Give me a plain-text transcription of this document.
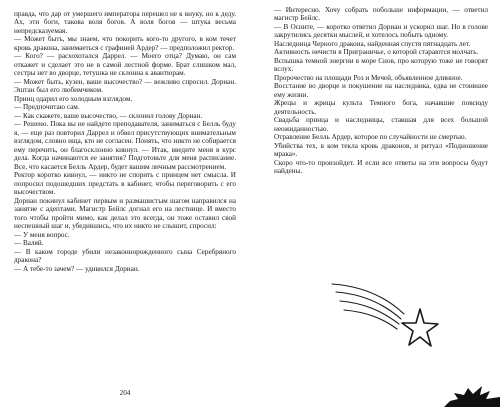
правда, что дар от умершего императора перешел не к внуку, но к деду. Ах, эти боги, такова воля богов. А воля богов — штука весьма непредсказуемая.

— Может быть, мы знаем, что покорить кого-то другого, в ком течет кровь дракона, занимаеться с графиней Ардер? — предположил ректор.

— Кого? — расхохотался Даррел. — Моего отца? Думаю, он сам откажет и сделает это не в самой лестной форме. Брат слишком мал, сестры нет во дворце, тетушка не склонна к авантюрам.

— Может быть, кузен, ваше высочество? — вежливо спросил. Дориан. Эштан был его любимчиком.

Принц одарил его холодным взглядом.

— Предпочитаю сам.

— Как скажете, ваше высочество, — склонил голову Дориан.

— Решено. Пока вы не найдете преподавателя, заниматься с Белль буду я, — еще раз повторил Даррел и обвел присутствующих внимательным взглядом, словно ища, кто не согласен. Понять, что никто не собирается ему перечить, он благосклонно кивнул. — Итак, введите меня в курс дела. Когда начинаются ее занятия? Подготовьте для меня расписание. Все, что касается Белль Ардер, будет вашим личным рассмотрением.

Ректор коротко кивнул, — никто не спорить с принцем нет смысла. И попросил подошедших предстать в кабинет, чтобы переговорить с его высочеством.

Дориан покинул кабинет первым и размашистым шагом направился на занятие с адептами. Магистр Бейлс догнал его на лестнице. И вместо того чтобы пройти мимо, как делал это всегда, он тоже оставил свой неспешный шаг и, убедившись, что их никто не слышит, спросил:

— У меня вопрос.

— Валяй.

— В каком городе убили незаконнорожденного сына Серебряного дракона?

— А тебе-то зачем? — удивился Дориан.

204

— Интересно. Хочу собрать побольше информации, — ответил магистр Бейлс.

— В Осните, — коротко ответил Дориан и ускорил шаг. Но в голове закрутились десятки мыслей, и хотелось побыть одному.

Наследница Черного дракона, найденная спустя пятнадцать лет.

Активность нечисти в Приграничье, о которой стараются молчать.

Вспышка темной энергии в море Снов, про которую тоже не говорят вслух.

Пророчество на площади Роз и Мечей, объявленное длинное.

Восстание во дворце и покушение на наследника, едва не стоившее ему жизни.

Жрецы и жрицы культа Темного бога, начавшие повсюду деятельность.

Свадьба принца и наследницы, ставшая для всех большой неожиданностью.

Отравление Белль Ардер, которое по случайности не смертью.

Убийства тех, в ком текла кровь драконов, и ритуал «Подношение мрака».

Скоро что-то произойдет. И если все ответы на эти вопросы будут найдены.
